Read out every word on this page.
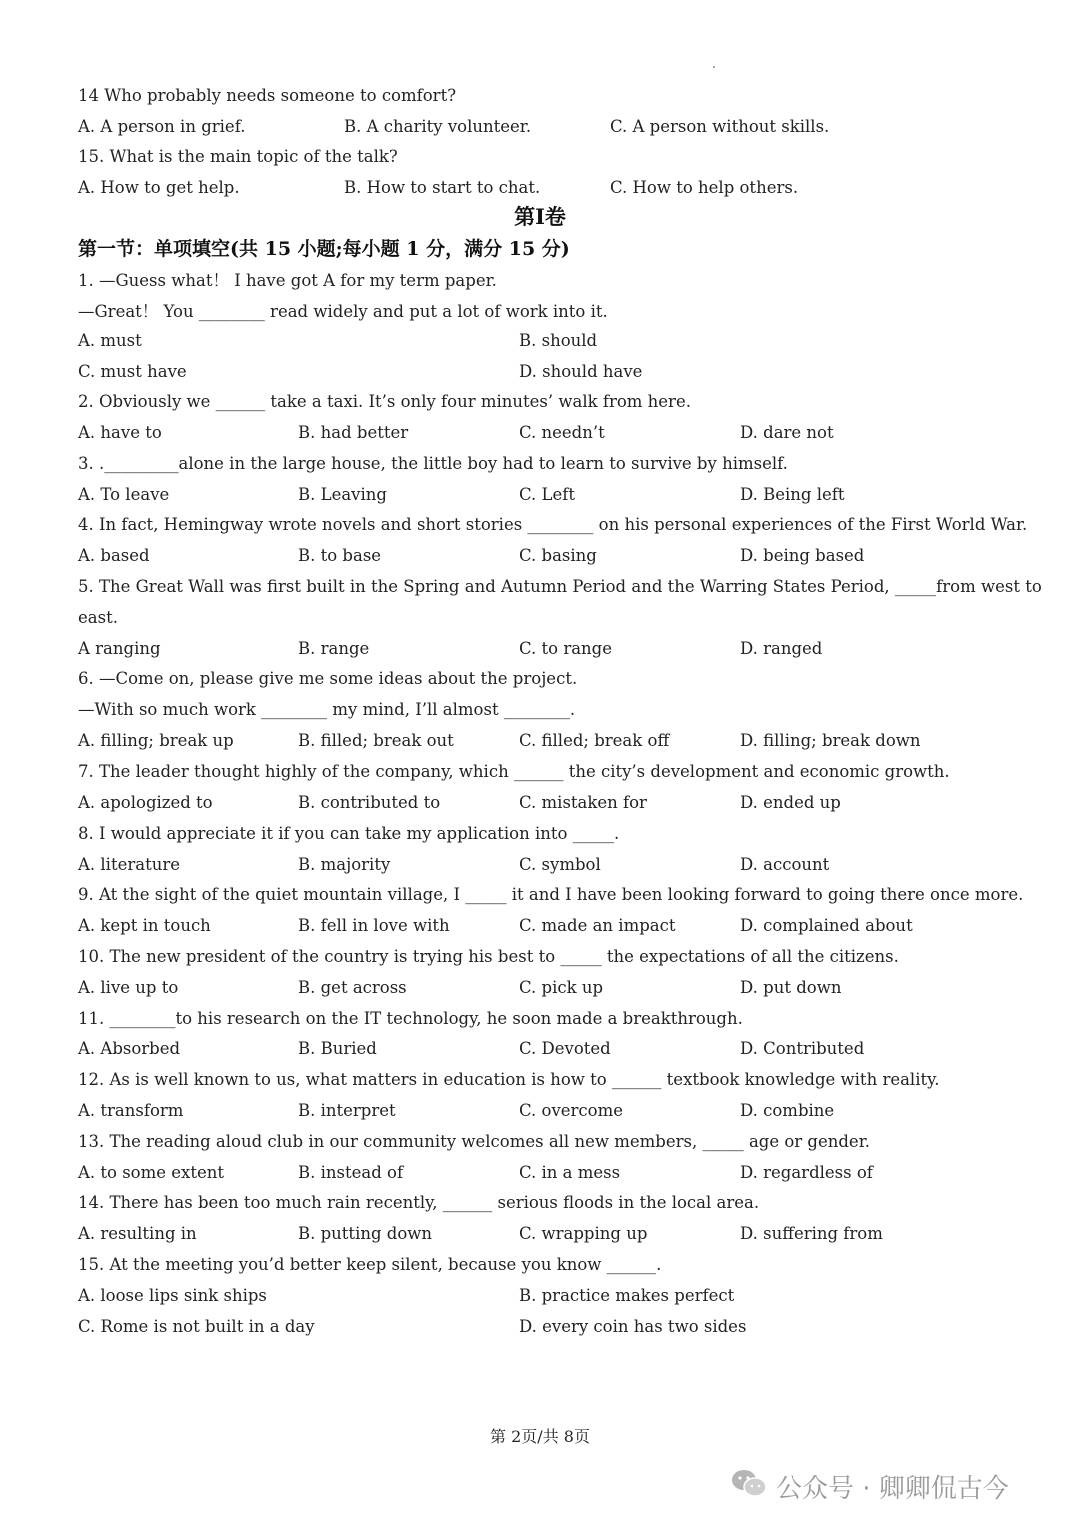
14 Who probably needs someone to comfort?
A. A person in grief.	B. A charity volunteer.	C. A person without skills.
15. What is the main topic of the talk?
A. How to get help.	B. How to start to chat.	C. How to help others.
第Ⅰ卷
第一节：单项填空(共 15 小题;每小题 1 分，满分 15 分)
1. —Guess what！ I have got A for my term paper.
—Great！ You ________ read widely and put a lot of work into it.
A. must	B. should
C. must have	D. should have
2. Obviously we ______ take a taxi. It’s only four minutes’ walk from here.
A. have to	B. had better	C. needn’t	D. dare not
3. ._________alone in the large house, the little boy had to learn to survive by himself.
A. To leave	B. Leaving	C. Left	D. Being left
4. In fact, Hemingway wrote novels and short stories ________ on his personal experiences of the First World War.
A. based	B. to base	C. basing	D. being based
5. The Great Wall was first built in the Spring and Autumn Period and the Warring States Period, _____from west to
east.
A ranging	B. range	C. to range	D. ranged
6. —Come on, please give me some ideas about the project.
—With so much work ________ my mind, I’ll almost ________.
A. filling; break up	B. filled; break out	C. filled; break off	D. filling; break down
7. The leader thought highly of the company, which ______ the city’s development and economic growth.
A. apologized to	B. contributed to	C. mistaken for	D. ended up
8. I would appreciate it if you can take my application into _____.
A. literature	B. majority	C. symbol	D. account
9. At the sight of the quiet mountain village, I _____ it and I have been looking forward to going there once more.
A. kept in touch	B. fell in love with	C. made an impact	D. complained about
10. The new president of the country is trying his best to _____ the expectations of all the citizens.
A. live up to	B. get across	C. pick up	D. put down
11. ________to his research on the IT technology, he soon made a breakthrough.
A. Absorbed	B. Buried	C. Devoted	D. Contributed
12. As is well known to us, what matters in education is how to ______ textbook knowledge with reality.
A. transform	B. interpret	C. overcome	D. combine
13. The reading aloud club in our community welcomes all new members, _____ age or gender.
A. to some extent	B. instead of	C. in a mess	D. regardless of
14. There has been too much rain recently, ______ serious floods in the local area.
A. resulting in	B. putting down	C. wrapping up	D. suffering from
15. At the meeting you’d better keep silent, because you know ______.
A. loose lips sink ships	B. practice makes perfect
C. Rome is not built in a day	D. every coin has two sides
第 2页/共 8页
公众号 · 卿卿侃古今
